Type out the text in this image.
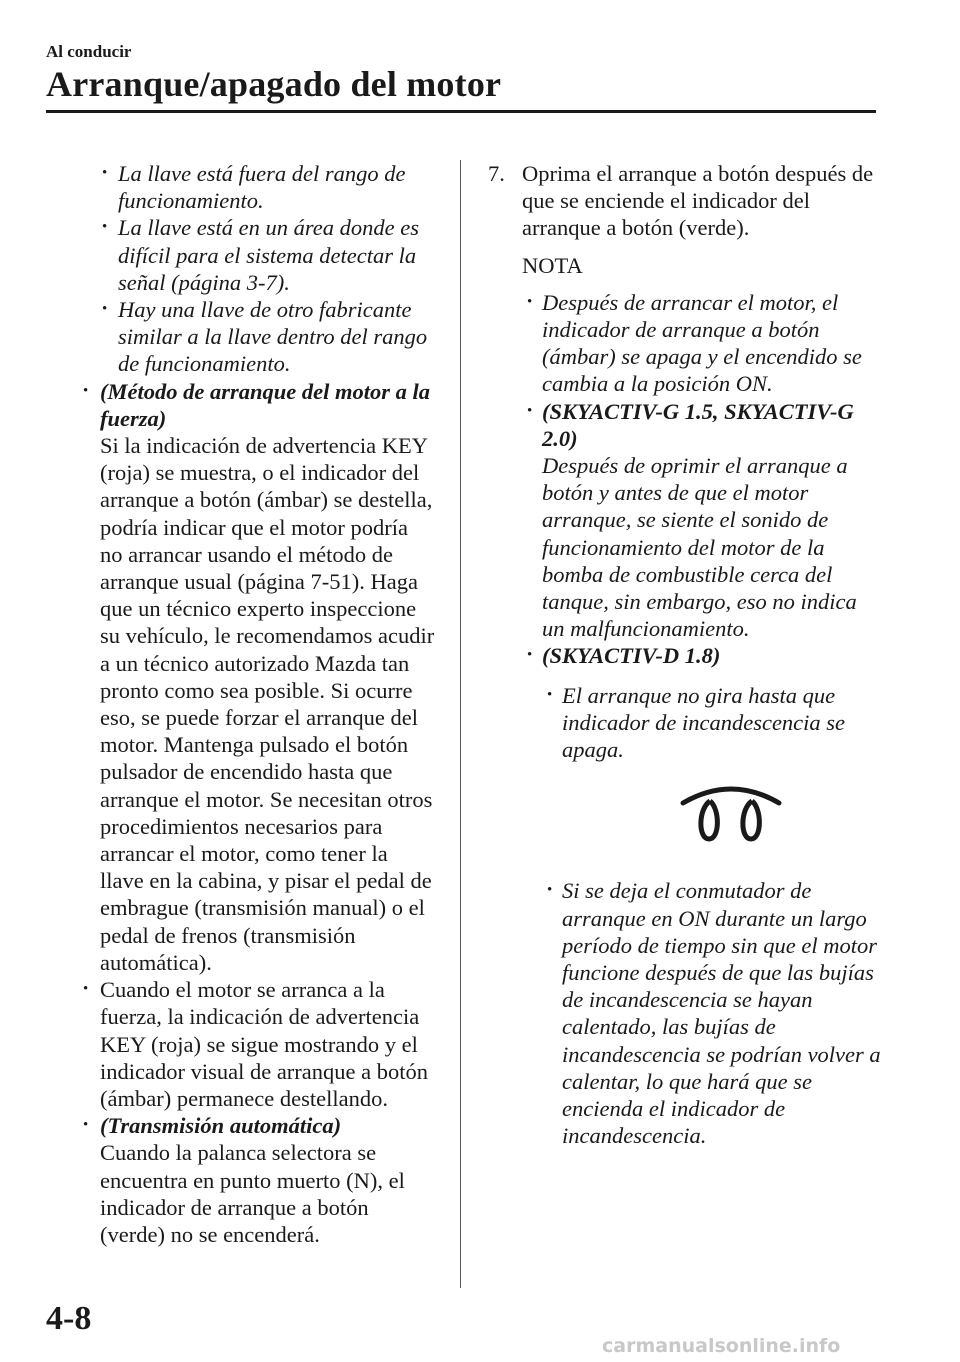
Al conducir
Arranque/apagado del motor
• La llave está fuera del rango de funcionamiento.
• La llave está en un área donde es difícil para el sistema detectar la señal (página 3-7).
• Hay una llave de otro fabricante similar a la llave dentro del rango de funcionamiento.
• (Método de arranque del motor a la fuerza)
Si la indicación de advertencia KEY (roja) se muestra, o el indicador del arranque a botón (ámbar) se destella, podría indicar que el motor podría no arrancar usando el método de arranque usual (página 7-51). Haga que un técnico experto inspeccione su vehículo, le recomendamos acudir a un técnico autorizado Mazda tan pronto como sea posible. Si ocurre eso, se puede forzar el arranque del motor. Mantenga pulsado el botón pulsador de encendido hasta que arranque el motor. Se necesitan otros procedimientos necesarios para arrancar el motor, como tener la llave en la cabina, y pisar el pedal de embrague (transmisión manual) o el pedal de frenos (transmisión automática).
• Cuando el motor se arranca a la fuerza, la indicación de advertencia KEY (roja) se sigue mostrando y el indicador visual de arranque a botón (ámbar) permanece destellando.
• (Transmisión automática)
Cuando la palanca selectora se encuentra en punto muerto (N), el indicador de arranque a botón (verde) no se encenderá.
7. Oprima el arranque a botón después de que se enciende el indicador del arranque a botón (verde).
NOTA
• Después de arrancar el motor, el indicador de arranque a botón (ámbar) se apaga y el encendido se cambia a la posición ON.
• (SKYACTIV-G 1.5, SKYACTIV-G 2.0)
Después de oprimir el arranque a botón y antes de que el motor arranque, se siente el sonido de funcionamiento del motor de la bomba de combustible cerca del tanque, sin embargo, eso no indica un malfuncionamiento.
• (SKYACTIV-D 1.8)
• El arranque no gira hasta que indicador de incandescencia se apaga.
• Si se deja el conmutador de arranque en ON durante un largo período de tiempo sin que el motor funcione después de que las bujías de incandescencia se hayan calentado, las bujías de incandescencia se podrían volver a calentar, lo que hará que se encienda el indicador de incandescencia.
4-8
carmanualsonline.info
